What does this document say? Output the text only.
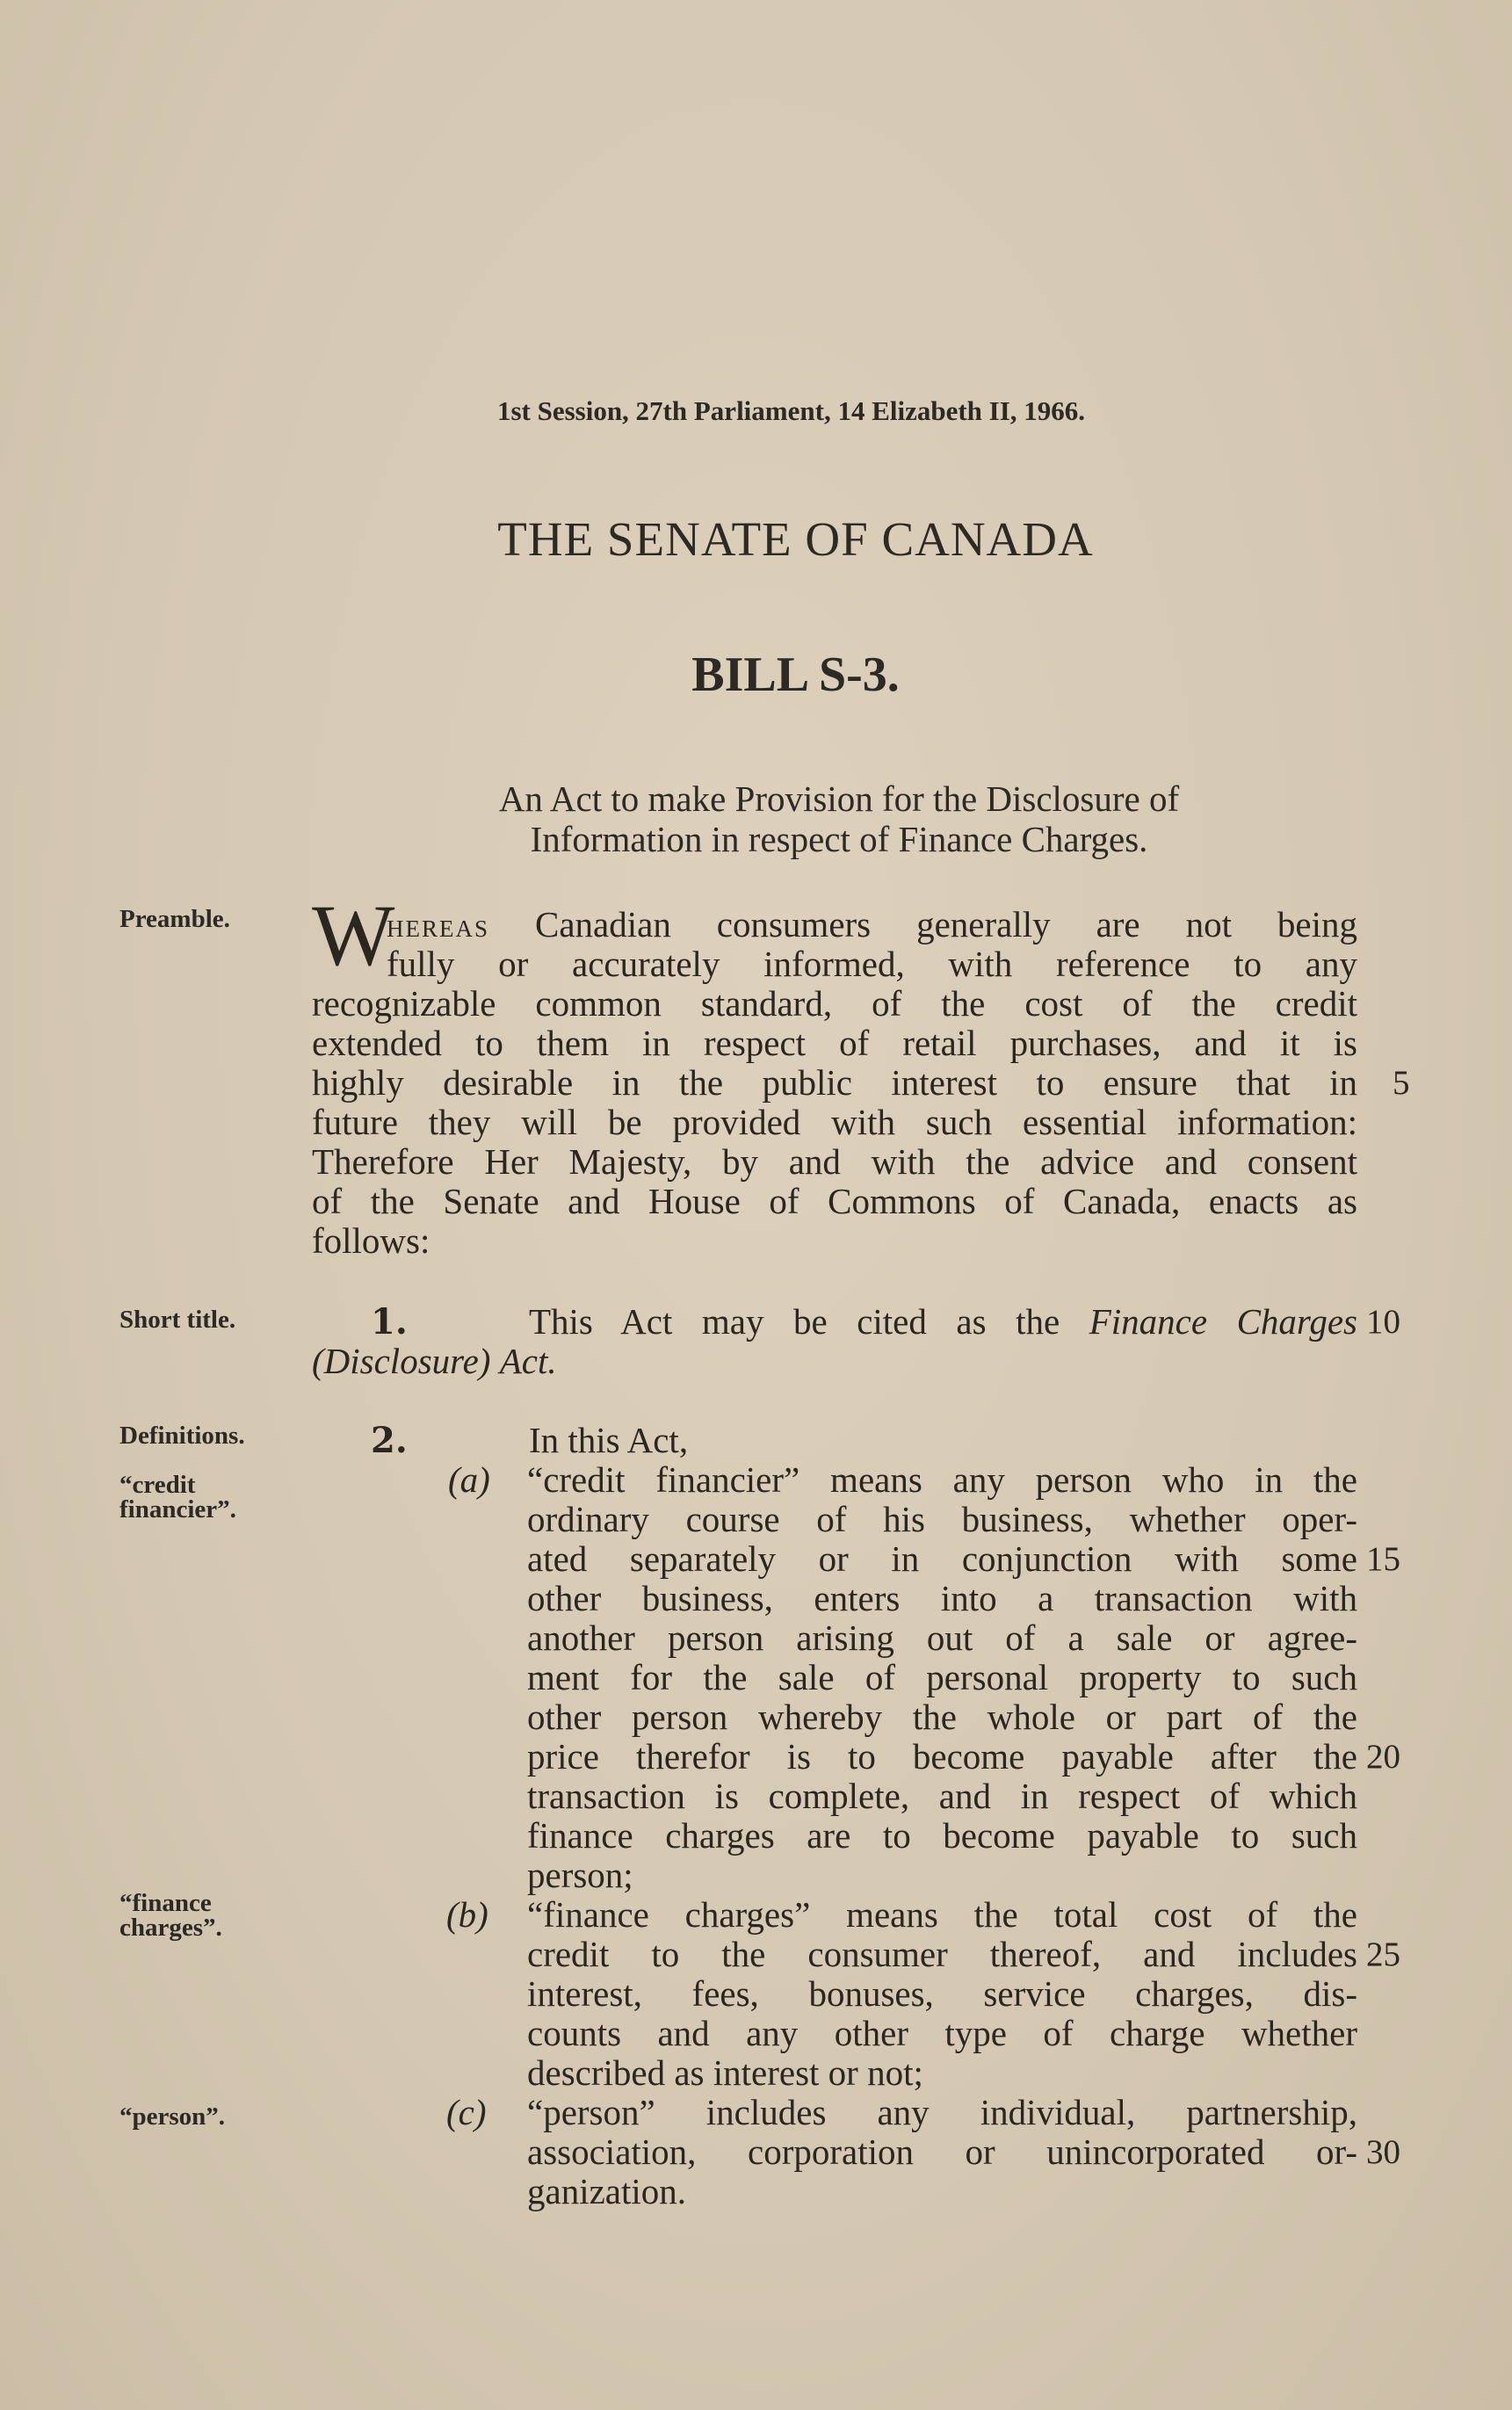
1st Session, 27th Parliament, 14 Elizabeth II, 1966.
THE SENATE OF CANADA
BILL S-3.
An Act to make Provision for the Disclosure of
Information in respect of Finance Charges.
Preamble.
Short title.
Definitions.
“credit
financier”.
“finance
charges”.
“person”.
W
hereas Canadian consumers generally are not being
fully or accurately informed, with reference to any
recognizable common standard, of the cost of the credit
extended to them in respect of retail purchases, and it is
highly desirable in the public interest to ensure that in
future they will be provided with such essential information:
Therefore Her Majesty, by and with the advice and consent
of the Senate and House of Commons of Canada, enacts as
follows:
1.	This Act may be cited as the Finance Charges
(Disclosure) Act.
2.	In this Act,
(a) “credit financier” means any person who in the
ordinary course of his business, whether oper-
ated separately or in conjunction with some
other business, enters into a transaction with
another person arising out of a sale or agree-
ment for the sale of personal property to such
other person whereby the whole or part of the
price therefor is to become payable after the
transaction is complete, and in respect of which
finance charges are to become payable to such
person;
(b) “finance charges” means the total cost of the
credit to the consumer thereof, and includes
interest, fees, bonuses, service charges, dis-
counts and any other type of charge whether
described as interest or not;
(c) “person” includes any individual, partnership,
association, corporation or unincorporated or-
ganization.
5
10
15
20
25
30
